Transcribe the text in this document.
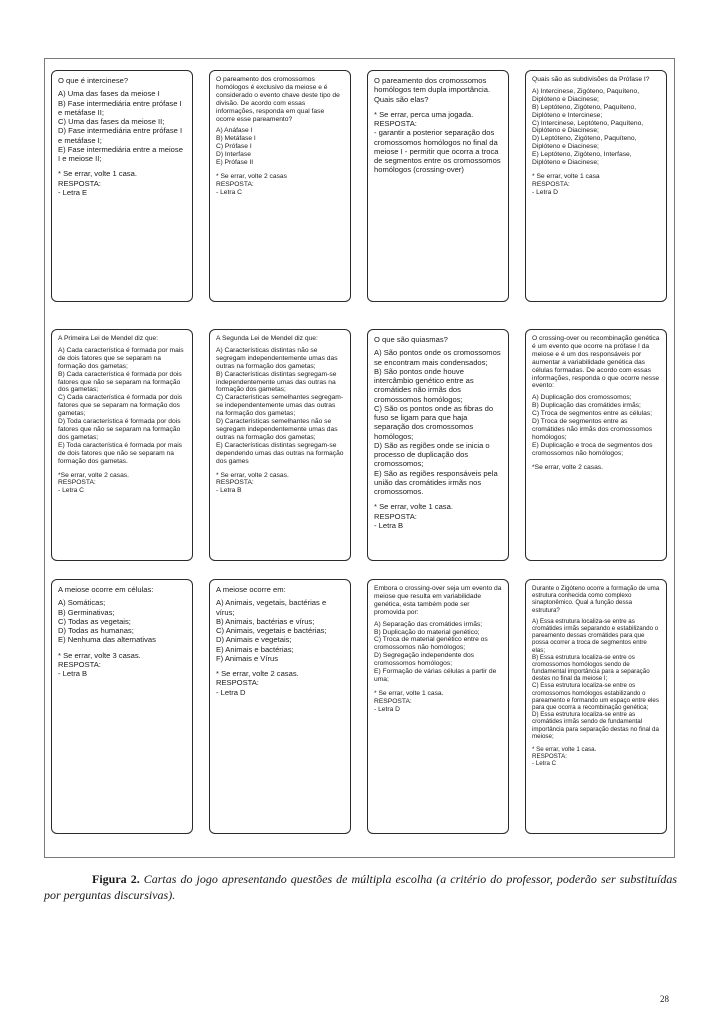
O que é intercinese?

A) Uma das fases da meiose I
B) Fase intermediária entre prófase I e metáfase II;
C) Uma das fases da meiose II;
D) Fase intermediária entre prófase I e metáfase I;
E) Fase intermediária entre a meiose I e meiose II;
* Se errar, volte 1 casa.
RESPOSTA:
- Letra E

O pareamento dos cromossomos homólogos é exclusivo da meiose e é considerado o evento chave deste tipo de divisão. De acordo com essas informações, responda em qual fase ocorre esse pareamento?

A) Anáfase I
B) Metáfase I
C) Prófase I
D) Interfase
E) Prófase II
* Se errar, volte 2 casas
RESPOSTA:
- Letra C

O pareamento dos cromossomos homólogos tem dupla importância. Quais são elas?

* Se errar, perca uma jogada.
RESPOSTA:
- garantir a posterior separação dos cromossomos homólogos no final da meiose I - permitir que ocorra a troca de segmentos entre os cromossomos homólogos (crossing-over)

Quais são as subdivisões da Prófase I?

A) Intercinese, Zigóteno, Paquíteno, Diplóteno e Diacinese;
B) Leptóteno, Zigóteno, Paquíteno, Diplóteno e Intercinese;
C) Intercinese, Leptóteno, Paquíteno, Diplóteno e Diacinese;
D) Leptóteno, Zigóteno, Paquíteno, Diplóteno e Diacinese;
E) Leptóteno, Zigóteno, Interfase, Diplóteno e Diacinese;
* Se errar, volte 1 casa
RESPOSTA:
- Letra D

A Primeira Lei de Mendel diz que:

A) Cada característica é formada por mais de dois fatores que se separam na formação dos gametas;
B) Cada característica é formada por dois fatores que não se separam na formação dos gametas;
C) Cada característica é formada por dois fatores que se separam na formação dos gametas;
D) Toda característica é formada por dois fatores que não se separam na formação dos gametas;
E) Toda característica é formada por mais de dois fatores que não se separam na formação dos gametas.
*Se errar, volte 2 casas.
RESPOSTA:
- Letra C

A Segunda Lei de Mendel diz que:

A) Características distintas não se segregam independentemente umas das outras na formação dos gametas;
B) Características distintas segregam-se independentemente umas das outras na formação dos gametas;
C) Características semelhantes segregam-se independentemente umas das outras na formação dos gametas;
D) Características semelhantes não se segregam independentemente umas das outras na formação dos gametas;
E) Características distintas segregam-se dependendo umas das outras na formação dos games
* Se errar, volte 2 casas.
RESPOSTA:
- Letra B

O que são quiasmas?

A) São pontos onde os cromossomos se encontram mais condensados;
B) São pontos onde houve intercâmbio genético entre as cromátides não irmãs dos cromossomos homólogos;
C) São os pontos onde as fibras do fuso se ligam para que haja separação dos cromossomos homólogos;
D) São as regiões onde se inicia o processo de duplicação dos cromossomos;
E) São as regiões responsáveis pela união das cromátides irmãs nos cromossomos.
* Se errar, volte 1 casa.
RESPOSTA:
- Letra B

O crossing-over ou recombinação genética é um evento que ocorre na prófase I da meiose e é um dos responsáveis por aumentar a variabilidade genética das células formadas. De acordo com essas informações, responda o que ocorre nesse evento:

A) Duplicação dos cromossomos;
B) Duplicação das cromátides irmãs;
C) Troca de segmentos entre as células;
D) Troca de segmentos entre as cromátides não irmãs dos cromossomos homólogos;
E) Duplicação e troca de segmentos dos cromossomos não homólogos;
*Se errar, volte 2 casas.

A meiose ocorre em células:

A) Somáticas;
B) Germinativas;
C) Todas as vegetais;
D) Todas as humanas;
E) Nenhuma das alternativas
* Se errar, volte 3 casas.
RESPOSTA:
- Letra B

A meiose ocorre em:

A) Animais, vegetais, bactérias e vírus;
B) Animais, bactérias e vírus;
C) Animais, vegetais e bactérias;
D) Animais e vegetais;
E) Animais e bactérias;
F) Animais e Vírus
* Se errar, volte 2 casas.
RESPOSTA:
- Letra D

Embora o crossing-over seja um evento da meiose que resulta em variabilidade genética, esta também pode ser promovida por:

A) Separação das cromátides irmãs;
B) Duplicação do material genético;
C) Troca de material genético entre os cromossomos não homólogos;
D) Segregação independente dos cromossomos homólogos;
E) Formação de várias células a partir de uma;
* Se errar, volte 1 casa.
RESPOSTA:
- Letra D

Durante o Zigóteno ocorre a formação de uma estrutura conhecida como complexo sinaptonêmico. Qual a função dessa estrutura?

A) Essa estrutura localiza-se entre as cromátides irmãs separando e estabilizando o pareamento dessas cromátides para que possa ocorrer a troca de segmentos entre elas;
B) Essa estrutura localiza-se entre os cromossomos homólogos sendo de fundamental importância para a separação destes no final da meiose I;
C) Essa estrutura localiza-se entre os cromossomos homólogos estabilizando o pareamento e formando um espaço entre eles para que ocorra a recombinação genética;
D) Essa estrutura localiza-se entre as cromátides irmãs sendo de fundamental importância para separação destas no final da meiose;
* Se errar, volte 1 casa.
RESPOSTA:
- Letra C
28
Figura 2. Cartas do jogo apresentando questões de múltipla escolha (a critério do professor, poderão ser substituídas por perguntas discursivas).
